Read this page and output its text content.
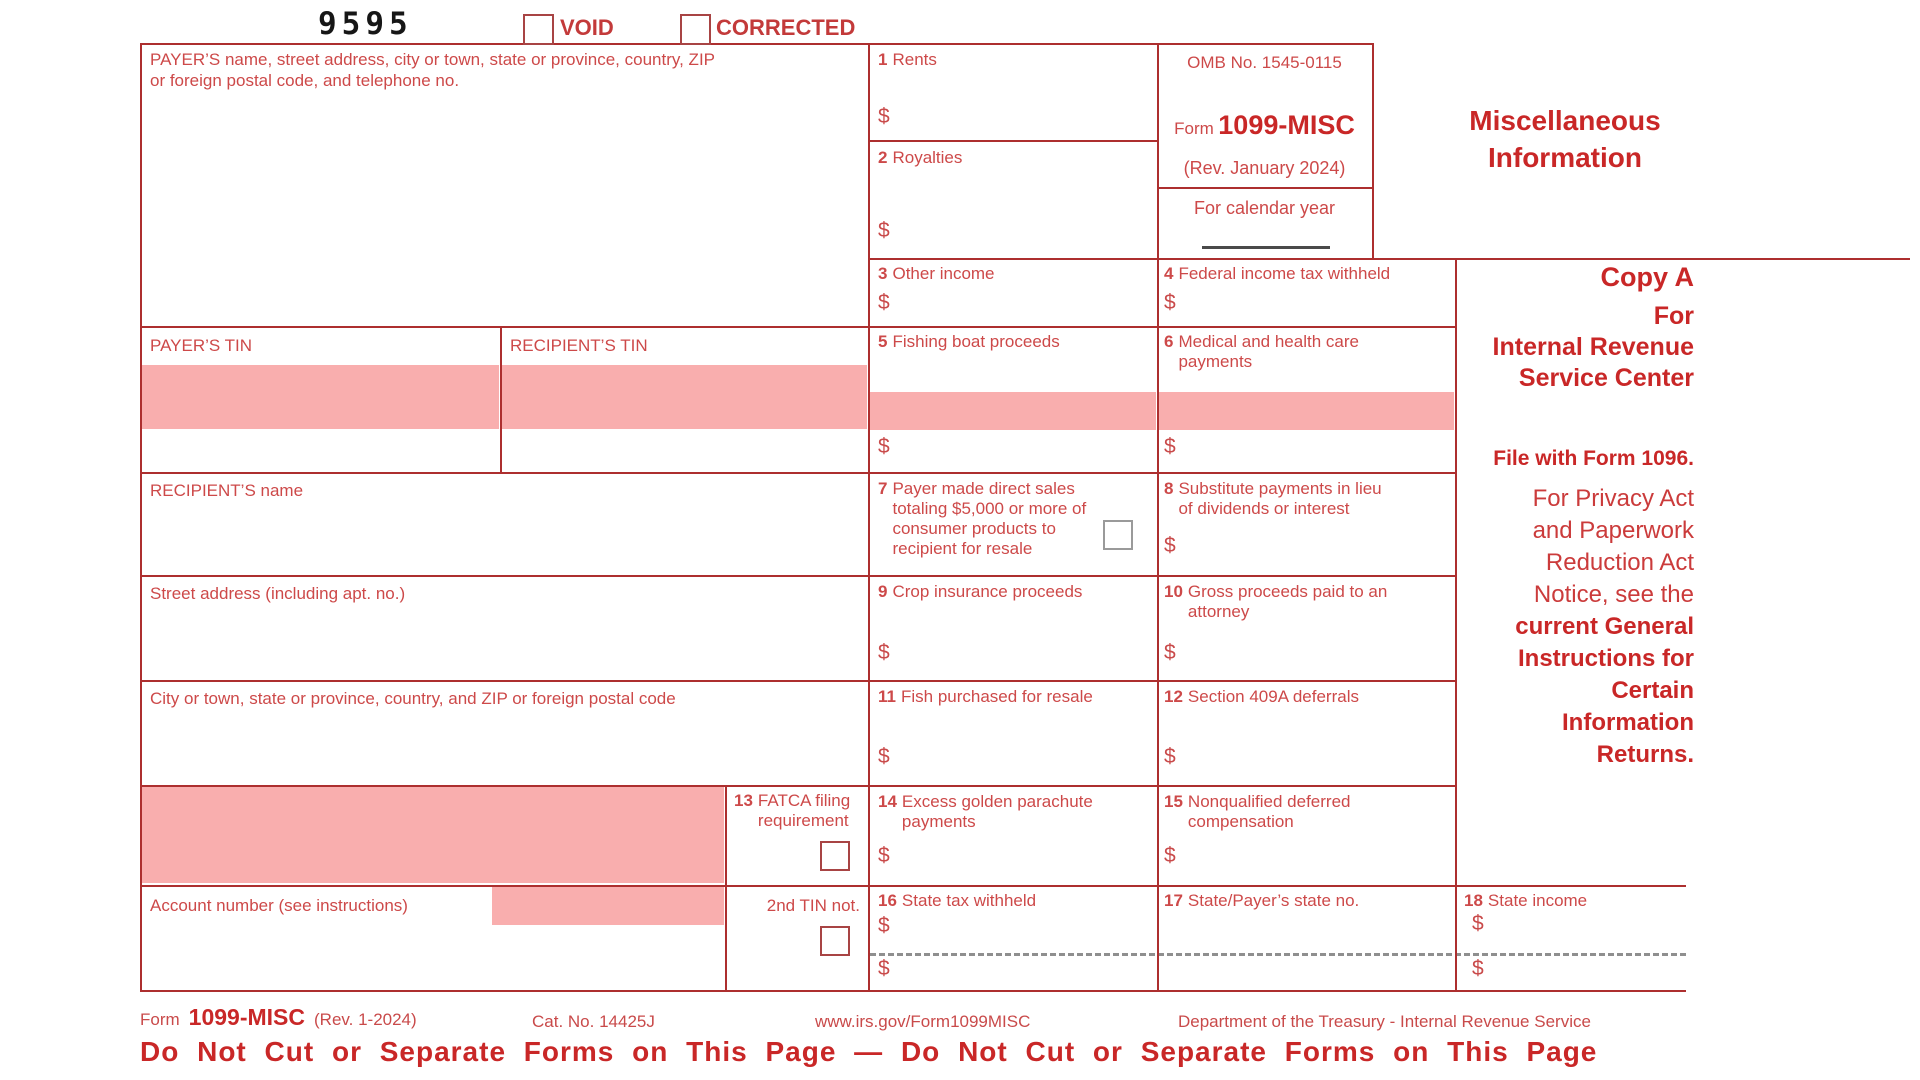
9595	VOID	CORRECTED
PAYER’S name, street address, city or town, state or province, country, ZIP
or foreign postal code, and telephone no.
PAYER’S TIN	RECIPIENT’S TIN
RECIPIENT’S name
Street address (including apt. no.)
City or town, state or province, country, and ZIP or foreign postal code
13 FATCA filing requirement
Account number (see instructions)	2nd TIN not.
1 Rents
$
2 Royalties
$
3 Other income
$
5 Fishing boat proceeds
$
7 Payer made direct sales totaling $5,000 or more of consumer products to recipient for resale
9 Crop insurance proceeds
$
11 Fish purchased for resale
$
14 Excess golden parachute payments
$
16 State tax withheld
$
$
OMB No. 1545-0115
Form 1099-MISC
(Rev. January 2024)
For calendar year
4 Federal income tax withheld
$
6 Medical and health care payments
$
8 Substitute payments in lieu of dividends or interest
$
10 Gross proceeds paid to an attorney
$
12 Section 409A deferrals
$
15 Nonqualified deferred compensation
$
17 State/Payer’s state no.	18 State income
$
$
Miscellaneous
Information
Copy A
For
Internal Revenue
Service Center
File with Form 1096.
For Privacy Act
and Paperwork
Reduction Act
Notice, see the
current General
Instructions for
Certain
Information
Returns.
Form 1099-MISC (Rev. 1-2024)	Cat. No. 14425J	www.irs.gov/Form1099MISC	Department of the Treasury - Internal Revenue Service
Do Not Cut or Separate Forms on This Page — Do Not Cut or Separate Forms on This Page
